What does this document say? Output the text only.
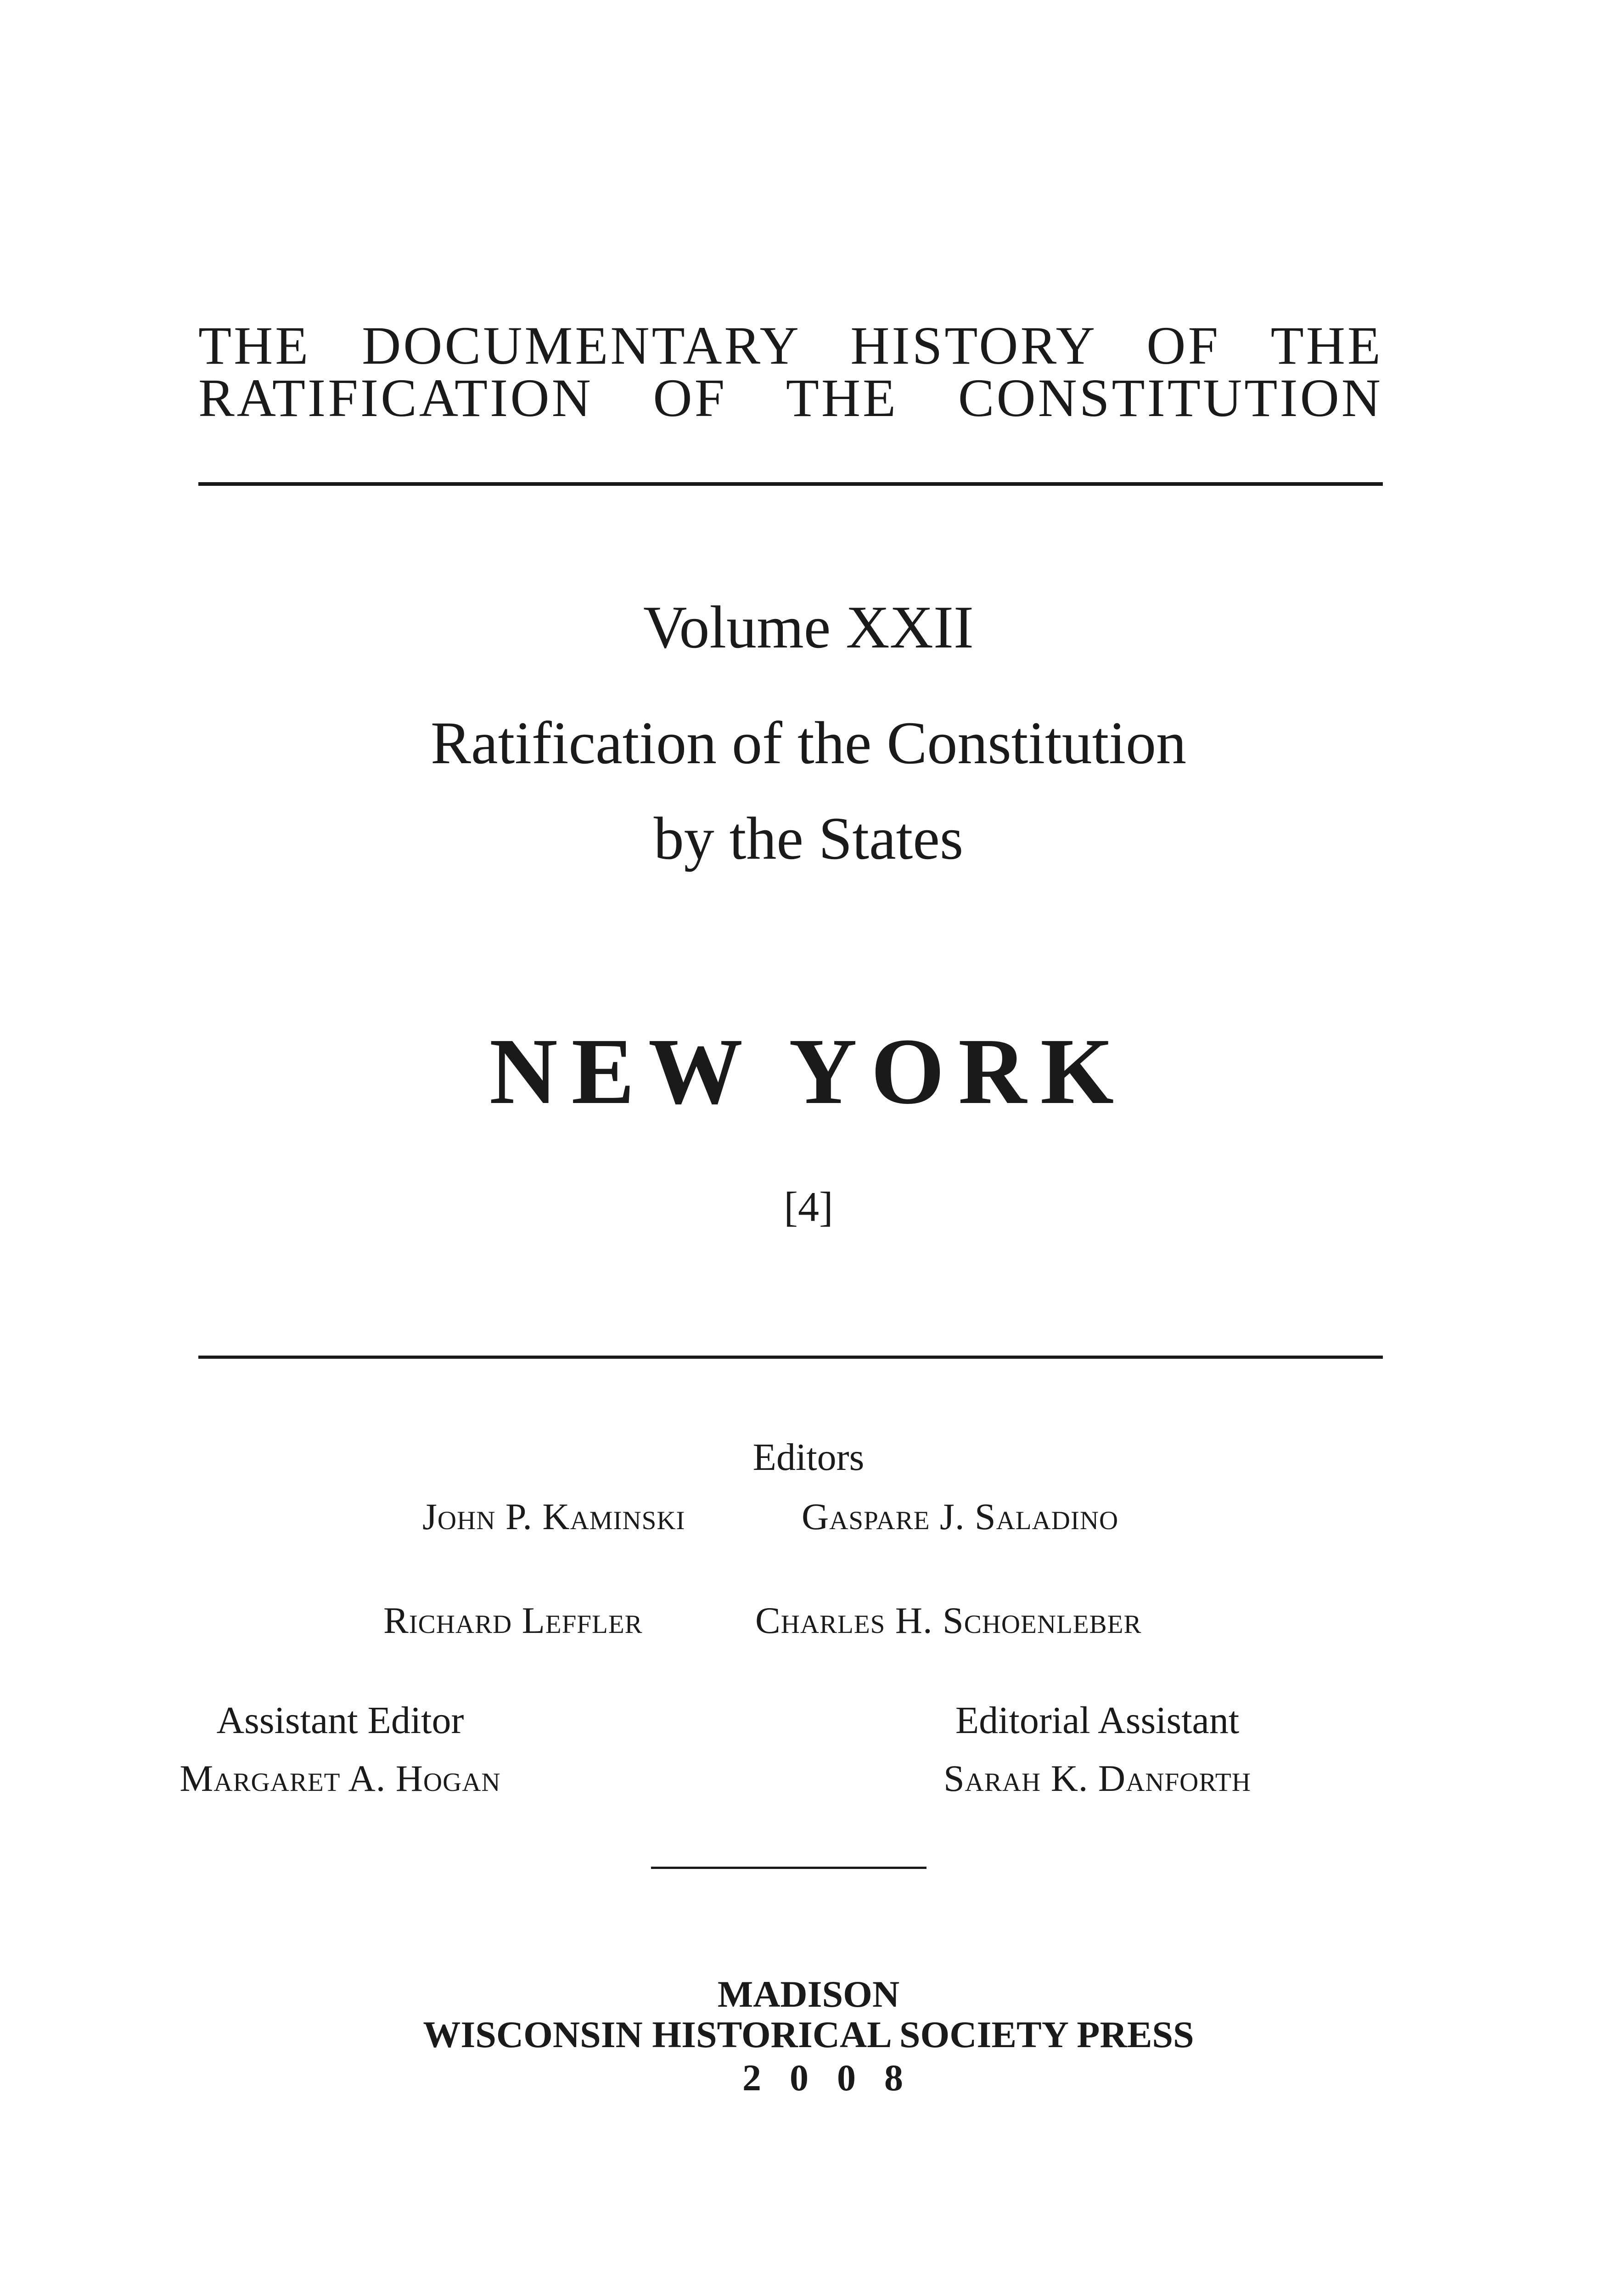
THE DOCUMENTARY HISTORY OF THE
RATIFICATION OF THE CONSTITUTION
Volume XXII
Ratification of the Constitution
by the States
NEW YORK
[4]
Editors
John P. Kaminski	Gaspare J. Saladino
Richard Leffler	Charles H. Schoenleber
Assistant Editor
Margaret A. Hogan
Editorial Assistant
Sarah K. Danforth
MADISON
WISCONSIN HISTORICAL SOCIETY PRESS
2008
